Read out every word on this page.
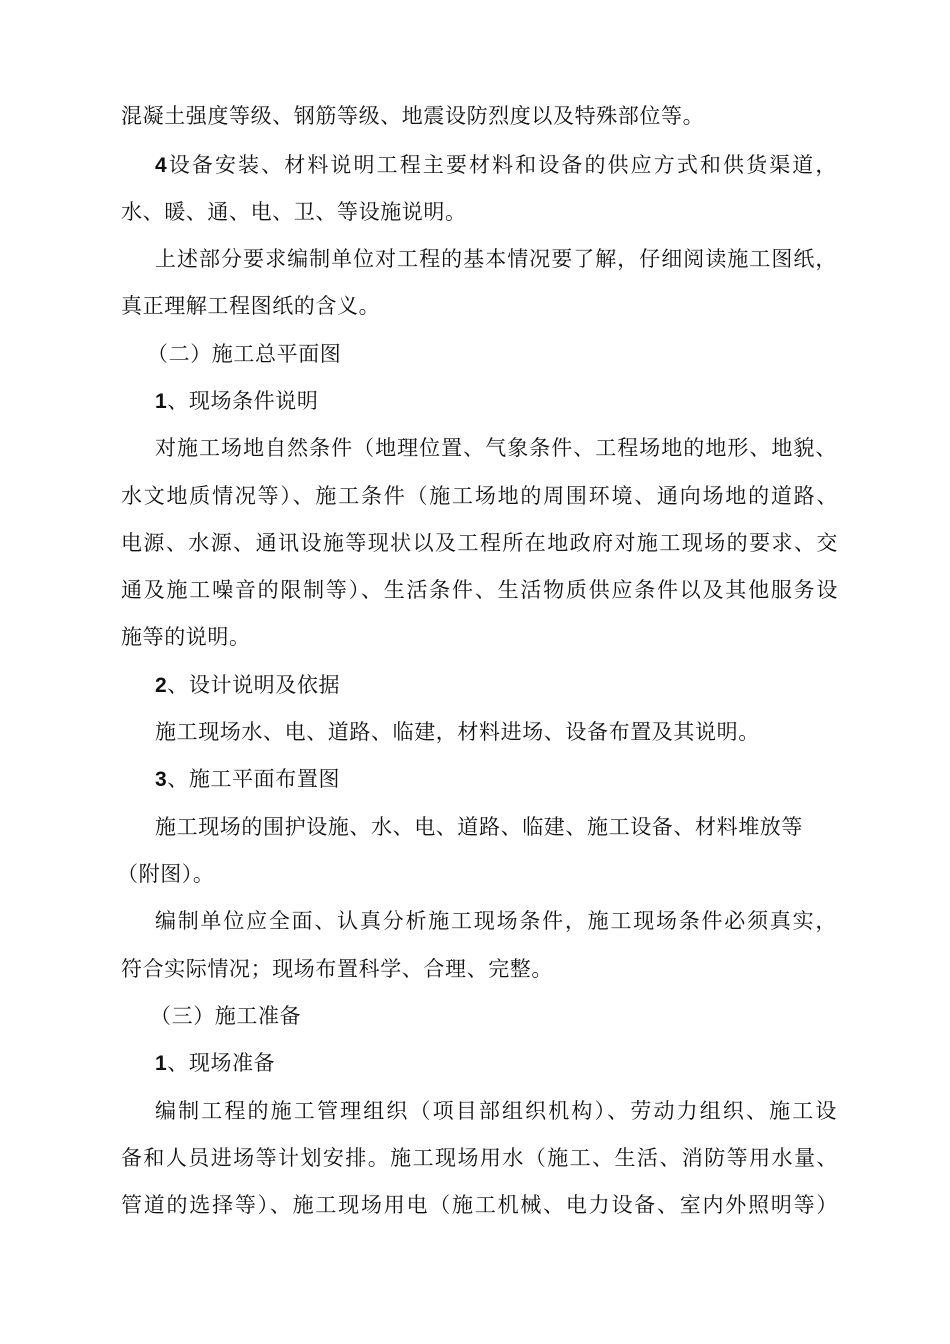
混凝土强度等级、钢筋等级、地震设防烈度以及特殊部位等。
4设备安装、材料说明工程主要材料和设备的供应方式和供货渠道，
水、暖、通、电、卫、等设施说明。
上述部分要求编制单位对工程的基本情况要了解，仔细阅读施工图纸，
真正理解工程图纸的含义。
（二）施工总平面图
1、现场条件说明
对施工场地自然条件（地理位置、气象条件、工程场地的地形、地貌、
水文地质情况等）、施工条件（施工场地的周围环境、通向场地的道路、
电源、水源、通讯设施等现状以及工程所在地政府对施工现场的要求、交
通及施工噪音的限制等）、生活条件、生活物质供应条件以及其他服务设
施等的说明。
2、设计说明及依据
施工现场水、电、道路、临建，材料进场、设备布置及其说明。
3、施工平面布置图
施工现场的围护设施、水、电、道路、临建、施工设备、材料堆放等
（附图）。
编制单位应全面、认真分析施工现场条件，施工现场条件必须真实，
符合实际情况；现场布置科学、合理、完整。
（三）施工准备
1、现场准备
编制工程的施工管理组织（项目部组织机构）、劳动力组织、施工设
备和人员进场等计划安排。施工现场用水（施工、生活、消防等用水量、
管道的选择等）、施工现场用电（施工机械、电力设备、室内外照明等）
